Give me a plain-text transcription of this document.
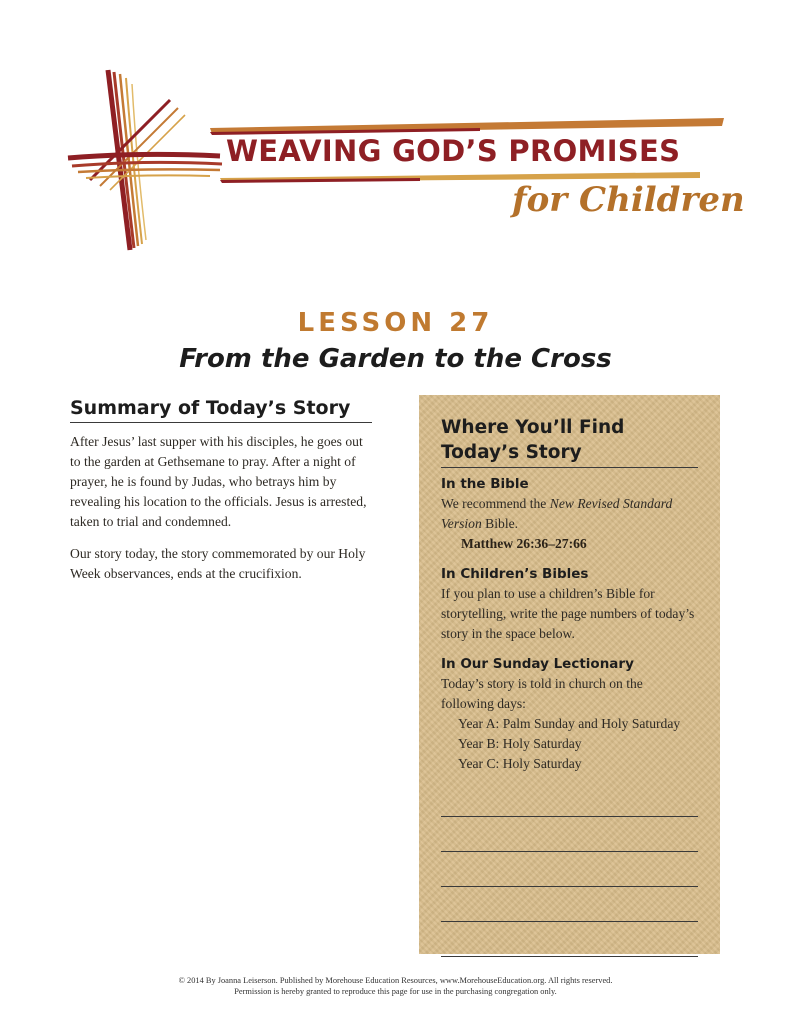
WEAVING GOD’S PROMISES
for Children
LESSON 27
From the Garden to the Cross
Summary of Today’s Story

After Jesus’ last supper with his disciples, he goes out to the garden at Gethsemane to pray. After a night of prayer, he is found by Judas, who betrays him by revealing his location to the officials. Jesus is arrested, taken to trial and condemned.

Our story today, the story commemorated by our Holy Week observances, ends at the crucifixion.

Where You’ll Find Today’s Story
In the Bible

We recommend the New Revised Standard Version Bible.

Matthew 26:36–27:66
In Children’s Bibles

If you plan to use a children’s Bible for storytelling, write the page numbers of today’s story in the space below.

In Our Sunday Lectionary

Today’s story is told in church on the following days:

Year A: Palm Sunday and Holy Saturday
Year B: Holy Saturday
Year C: Holy Saturday
© 2014 By Joanna Leiserson. Published by Morehouse Education Resources, www.MorehouseEducation.org. All rights reserved.
Permission is hereby granted to reproduce this page for use in the purchasing congregation only.
